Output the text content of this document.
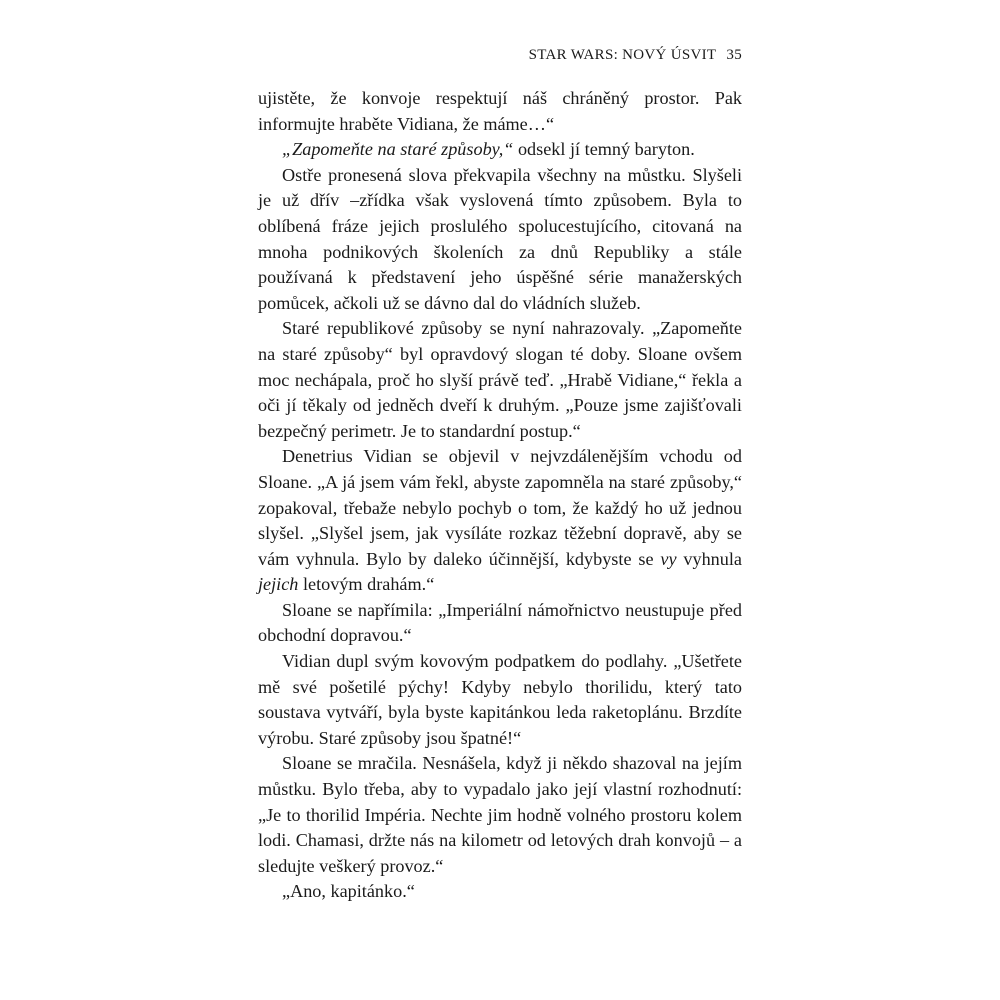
STAR WARS: NOVÝ ÚSVIT 35

ujistěte, že konvoje respektují náš chráněný prostor. Pak informujte hraběte Vidiana, že máme…“

„Zapomeňte na staré způsoby,“ odsekl jí temný baryton.

Ostře pronesená slova překvapila všechny na můstku. Slyšeli je už dřív –zřídka však vyslovená tímto způsobem. Byla to oblíbená fráze jejich proslulého spolucestujícího, citovaná na mnoha podnikových školeních za dnů Republiky a stále používaná k představení jeho úspěšné série manažerských pomůcek, ačkoli už se dávno dal do vládních služeb.

Staré republikové způsoby se nyní nahrazovaly. „Zapomeňte na staré způsoby“ byl opravdový slogan té doby. Sloane ovšem moc nechápala, proč ho slyší právě teď. „Hrabě Vidiane,“ řekla a oči jí těkaly od jedněch dveří k druhým. „Pouze jsme zajišťovali bezpečný perimetr. Je to standardní postup.“

Denetrius Vidian se objevil v nejvzdálenějším vchodu od Sloane. „A já jsem vám řekl, abyste zapomněla na staré způsoby,“ zopakoval, třebaže nebylo pochyb o tom, že každý ho už jednou slyšel. „Slyšel jsem, jak vysíláte rozkaz těžební dopravě, aby se vám vyhnula. Bylo by daleko účinnější, kdybyste se vy vyhnula jejich letovým drahám.“

Sloane se napřímila: „Imperiální námořnictvo neustupuje před obchodní dopravou.“

Vidian dupl svým kovovým podpatkem do podlahy. „Ušetřete mě své pošetilé pýchy! Kdyby nebylo thorilidu, který tato soustava vytváří, byla byste kapitánkou leda raketoplánu. Brzdíte výrobu. Staré způsoby jsou špatné!“

Sloane se mračila. Nesnášela, když ji někdo shazoval na jejím můstku. Bylo třeba, aby to vypadalo jako její vlastní rozhodnutí: „Je to thorilid Impéria. Nechte jim hodně volného prostoru kolem lodi. Chamasi, držte nás na kilometr od letových drah konvojů – a sledujte veškerý provoz.“

„Ano, kapitánko.“
